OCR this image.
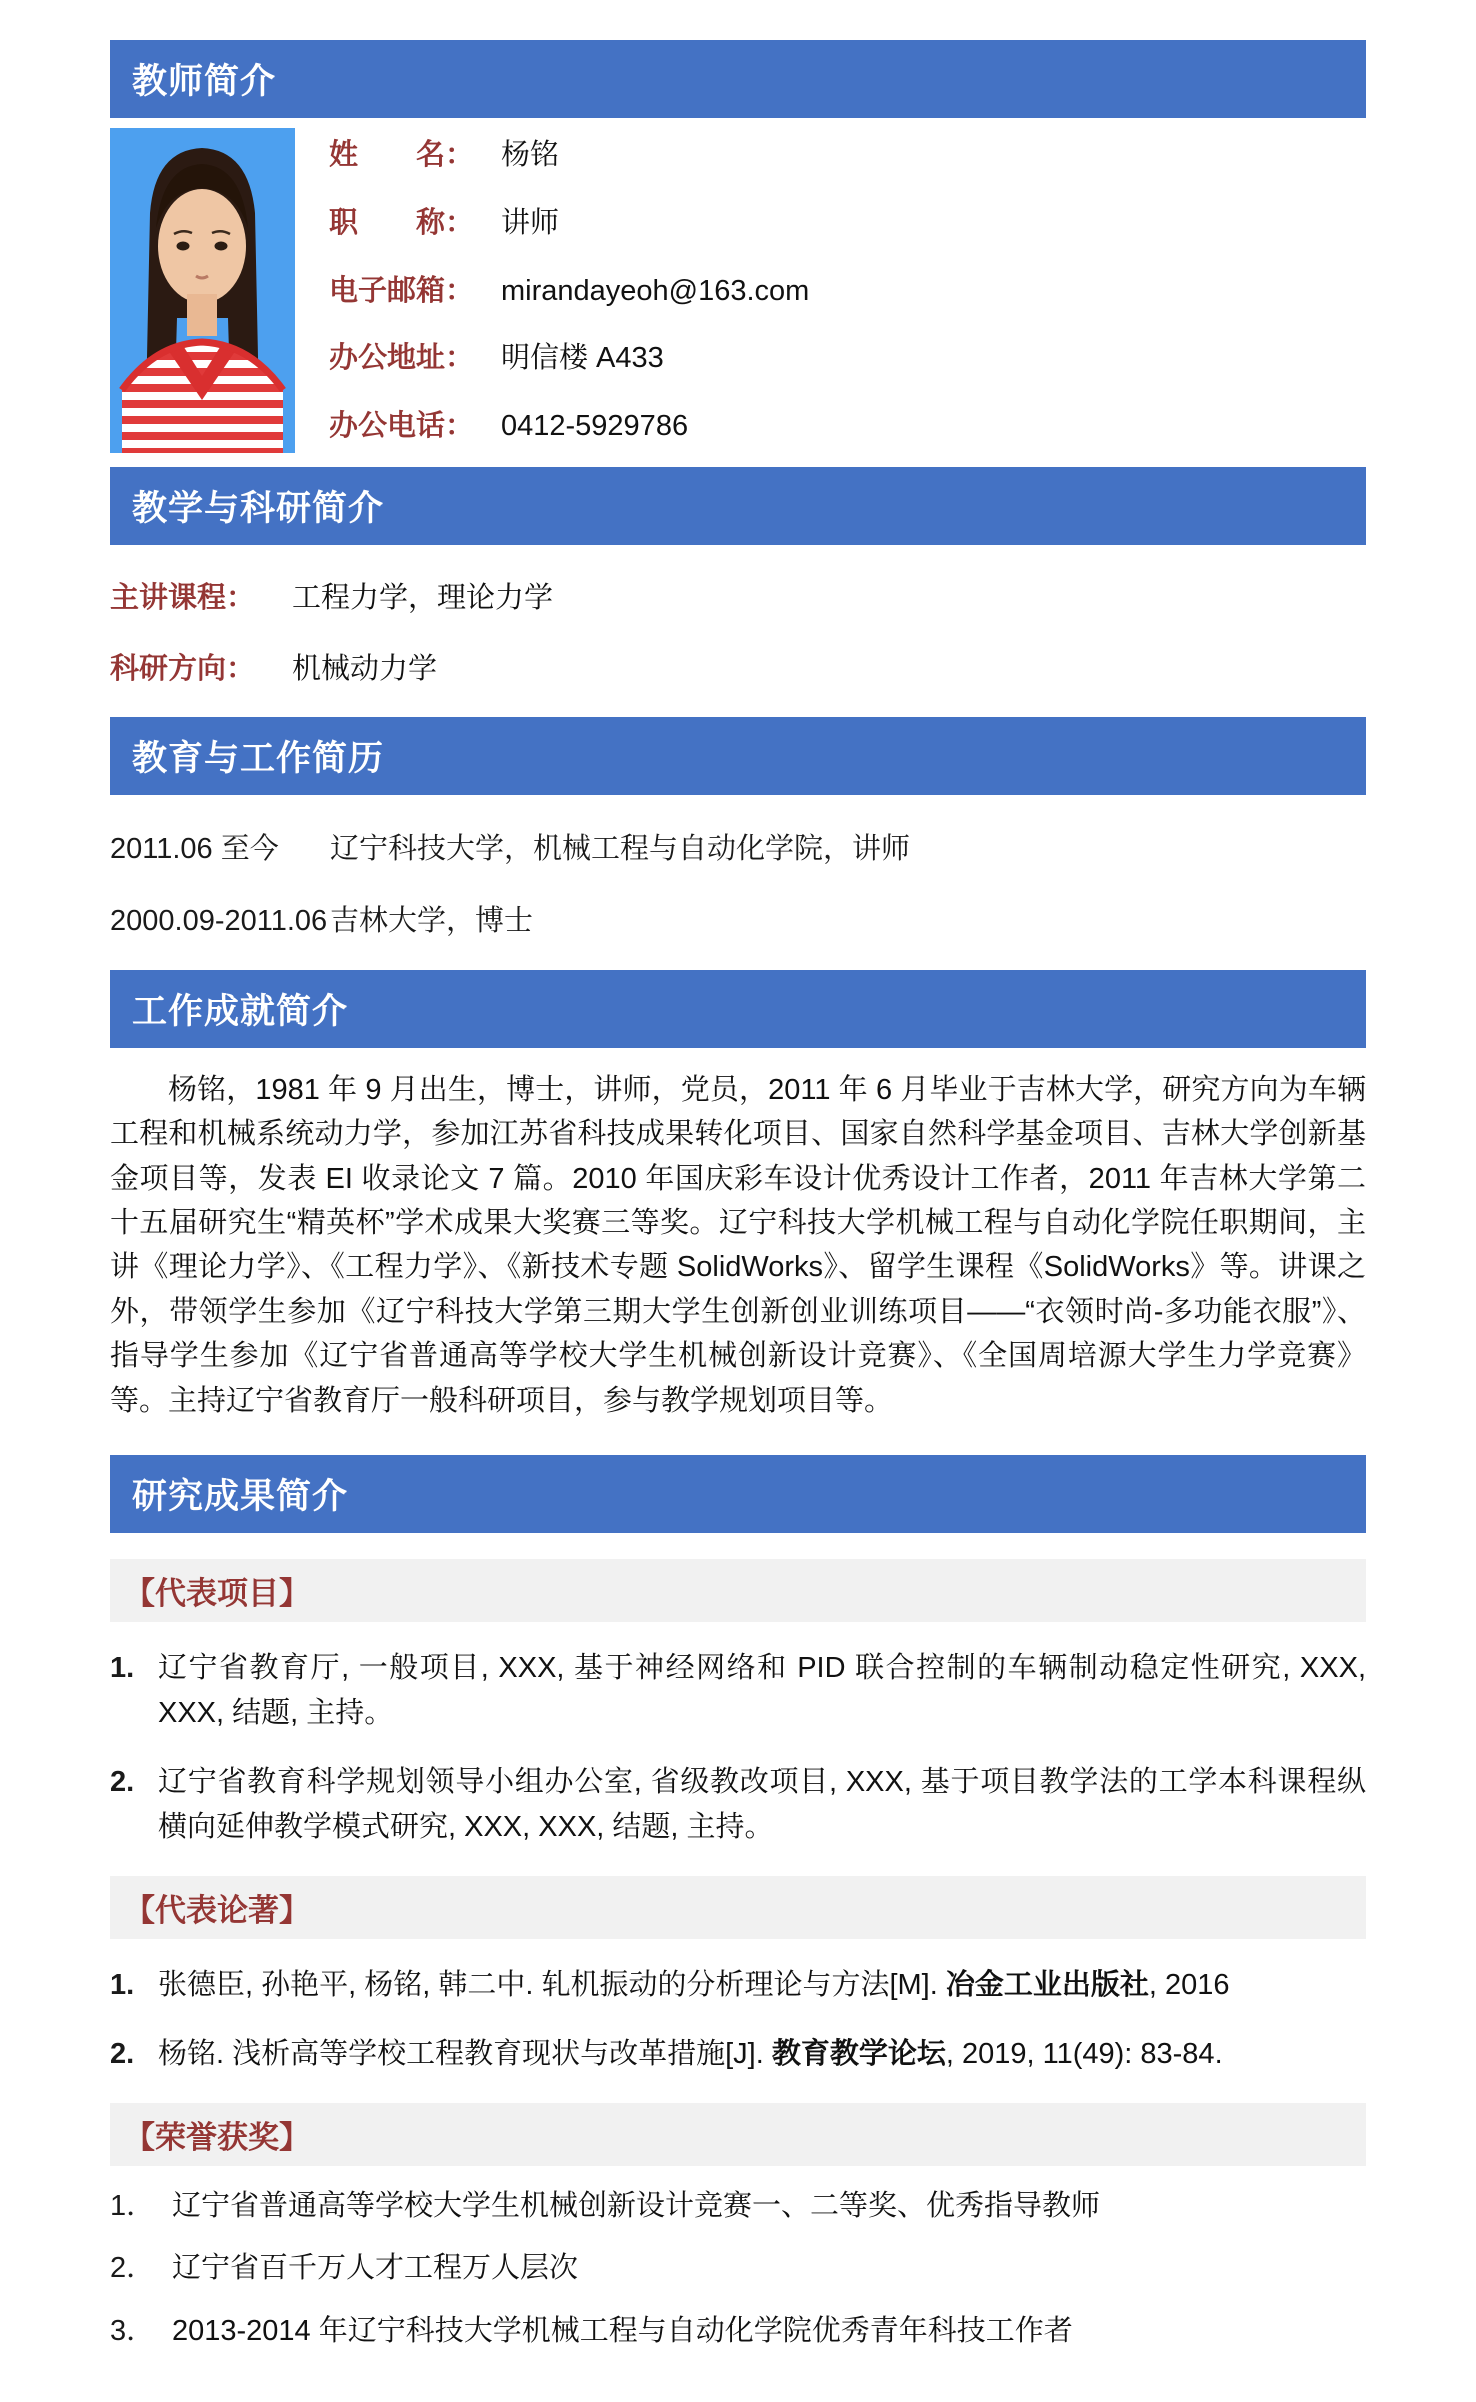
教师简介
姓　　名： 杨铭
职　　称： 讲师
电子邮箱： mirandayeoh@163.com
办公地址： 明信楼 A433
办公电话： 0412-5929786
教学与科研简介
主讲课程：	工程力学，理论力学
科研方向：	机械动力学
教育与工作简历
2011.06 至今	辽宁科技大学，机械工程与自动化学院，讲师
2000.09-2011.06 吉林大学，博士
工作成就简介

杨铭，1981 年 9 月出生，博士，讲师，党员，2011 年 6 月毕业于吉林大学，研究方向为车辆工程和机械系统动力学，参加江苏省科技成果转化项目、国家自然科学基金项目、吉林大学创新基金项目等，发表 EI 收录论文 7 篇。2010 年国庆彩车设计优秀设计工作者，2011 年吉林大学第二十五届研究生“精英杯”学术成果大奖赛三等奖。辽宁科技大学机械工程与自动化学院任职期间，主讲《理论力学》、《工程力学》、《新技术专题 SolidWorks》、留学生课程《SolidWorks》等。讲课之外，带领学生参加《辽宁科技大学第三期大学生创新创业训练项目——“衣领时尚-多功能衣服”》、指导学生参加《辽宁省普通高等学校大学生机械创新设计竞赛》、《全国周培源大学生力学竞赛》等。主持辽宁省教育厅一般科研项目，参与教学规划项目等。

研究成果简介
【代表项目】
1. 辽宁省教育厅, 一般项目, XXX, 基于神经网络和 PID 联合控制的车辆制动稳定性研究, XXX, XXX, 结题, 主持。
2. 辽宁省教育科学规划领导小组办公室, 省级教改项目, XXX, 基于项目教学法的工学本科课程纵横向延伸教学模式研究, XXX, XXX, 结题, 主持。
【代表论著】
1. 张德臣, 孙艳平, 杨铭, 韩二中. 轧机振动的分析理论与方法[M]. 冶金工业出版社, 2016
2. 杨铭. 浅析高等学校工程教育现状与改革措施[J]. 教育教学论坛, 2019, 11(49): 83-84.
【荣誉获奖】
1． 辽宁省普通高等学校大学生机械创新设计竞赛一、二等奖、优秀指导教师
2． 辽宁省百千万人才工程万人层次
3． 2013-2014 年辽宁科技大学机械工程与自动化学院优秀青年科技工作者
